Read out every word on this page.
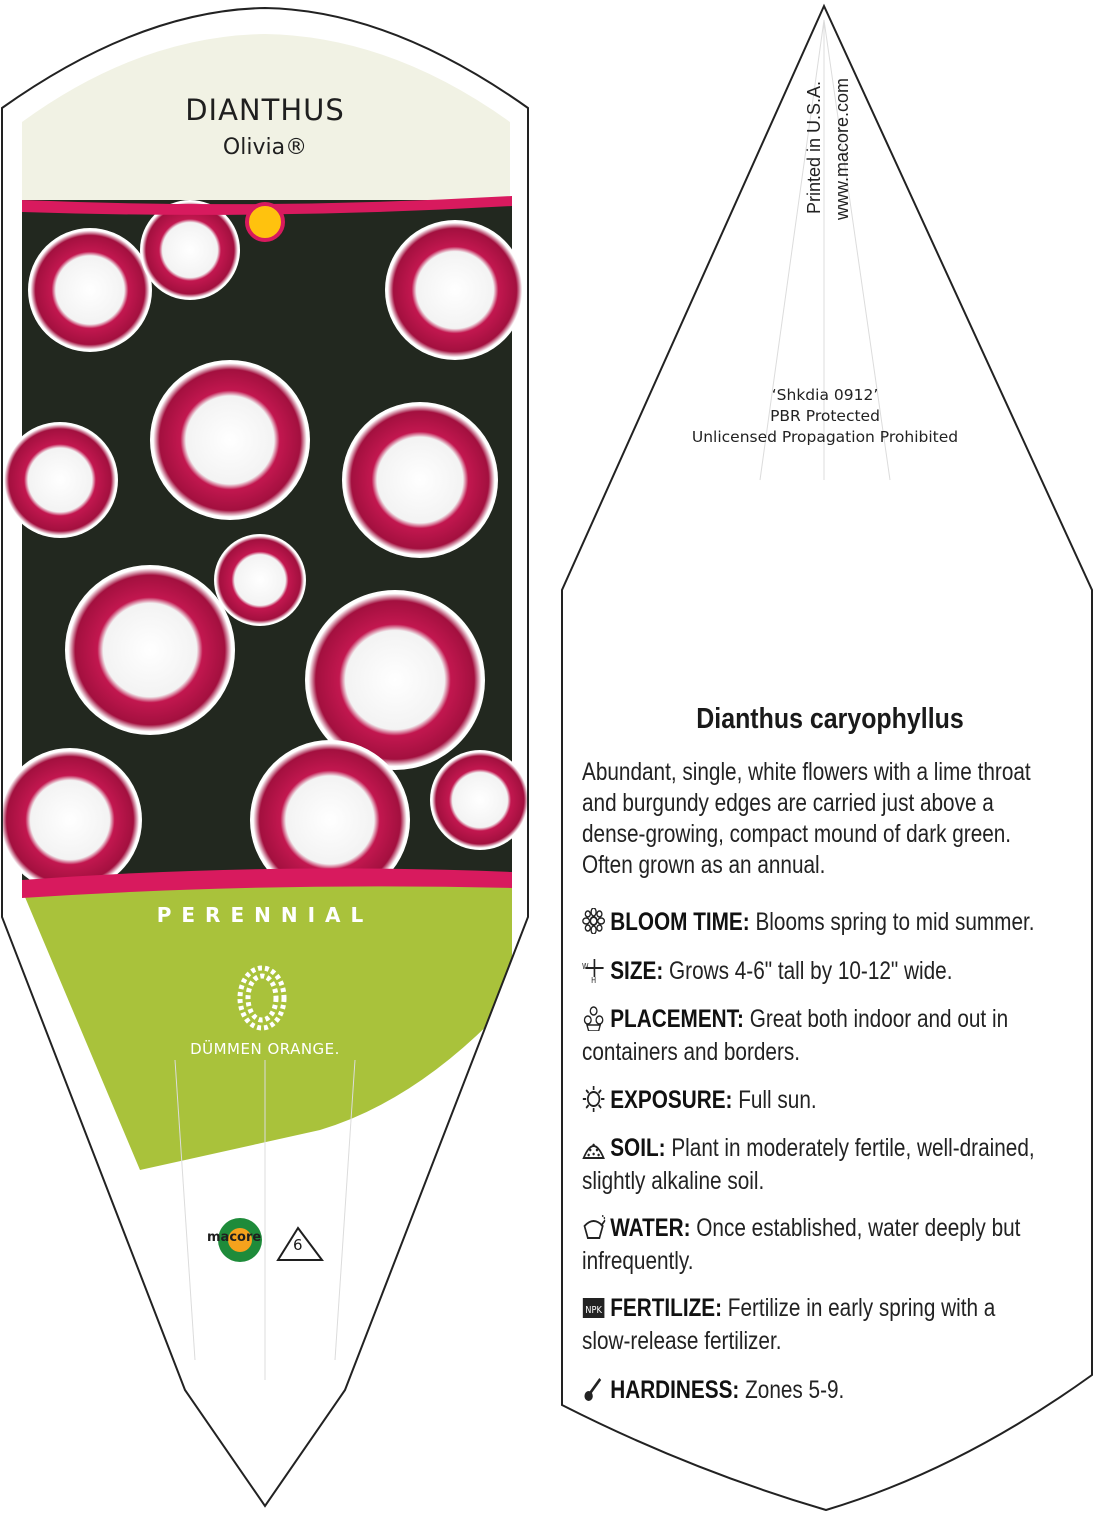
DIANTHUS
Olivia®
PERENNIAL
DÜMMEN ORANGE.
macore 6
Printed in U.S.A. www.macore.com
‘Shkdia 0912’
PBR Protected
Unlicensed Propagation Prohibited
Dianthus caryophyllus
Abundant, single, white flowers with a lime throat
and burgundy edges are carried just above a
dense-growing, compact mound of dark green.
Often grown as an annual.
BLOOM TIME: Blooms spring to mid summer.
W
H SIZE: Grows 4-6" tall by 10-12" wide.
PLACEMENT: Great both indoor and out in
containers and borders.
EXPOSURE: Full sun.
SOIL: Plant in moderately fertile, well-drained,
slightly alkaline soil.
WATER: Once established, water deeply but
infrequently.
NPK FERTILIZE: Fertilize in early spring with a
slow-release fertilizer.
HARDINESS: Zones 5-9.
